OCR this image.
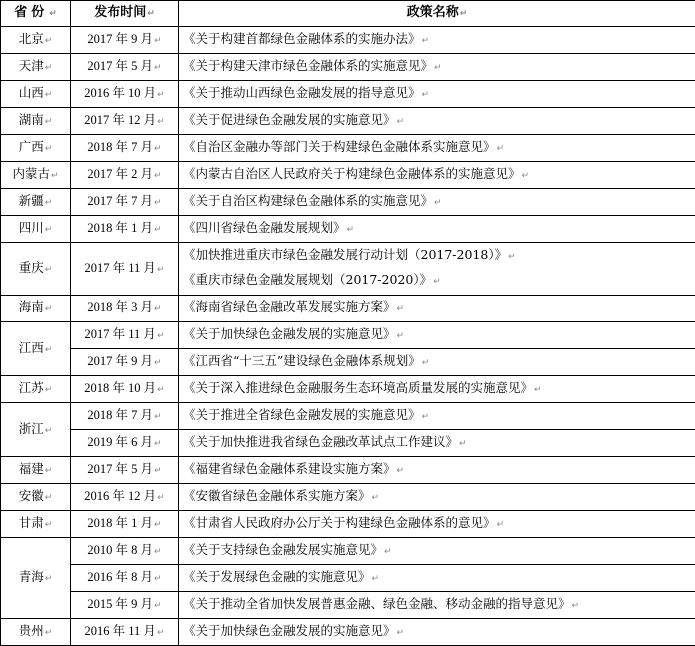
省份↵	发布时间↵	政策名称↵
北京↵	2017 年 9 月↵	《关于构建首都绿色金融体系的实施办法》↵

天津↵	2017 年 5 月↵	《关于构建天津市绿色金融体系的实施意见》↵

山西↵	2016 年 10 月↵	《关于推动山西绿色金融发展的指导意见》↵

湖南↵	2017 年 12 月↵	《关于促进绿色金融发展的实施意见》↵

广西↵	2018 年 7 月↵	《自治区金融办等部门关于构建绿色金融体系实施意见》↵

内蒙古↵	2017 年 2 月↵	《内蒙古自治区人民政府关于构建绿色金融体系的实施意见》↵

新疆↵	2017 年 7 月↵	《关于自治区构建绿色金融体系的实施意见》↵

四川↵	2018 年 1 月↵	《四川省绿色金融发展规划》↵

重庆↵	2017 年 11 月↵	《加快推进重庆市绿色金融发展行动计划（2017-2018）》↵
《重庆市绿色金融发展规划（2017-2020）》↵

海南↵	2018 年 3 月↵	《海南省绿色金融改革发展实施方案》↵

江西↵	2017 年 11 月↵	《关于加快绿色金融发展的实施意见》↵

	2017 年 9 月↵	《江西省“十三五”建设绿色金融体系规划》↵

江苏↵	2018 年 10 月↵	《关于深入推进绿色金融服务生态环境高质量发展的实施意见》↵

浙江↵	2018 年 7 月↵	《关于推进全省绿色金融发展的实施意见》↵

	2019 年 6 月↵	《关于加快推进我省绿色金融改革试点工作建议》↵

福建↵	2017 年 5 月↵	《福建省绿色金融体系建设实施方案》↵

安徽↵	2016 年 12 月↵	《安徽省绿色金融体系实施方案》↵

甘肃↵	2018 年 1 月↵	《甘肃省人民政府办公厅关于构建绿色金融体系的意见》↵

青海↵	2010 年 8 月↵	《关于支持绿色金融发展实施意见》↵

	2016 年 8 月↵	《关于发展绿色金融的实施意见》↵

	2015 年 9 月↵	《关于推动全省加快发展普惠金融、绿色金融、移动金融的指导意见》↵

贵州↵	2016 年 11 月↵	《关于加快绿色金融发展的实施意见》↵
